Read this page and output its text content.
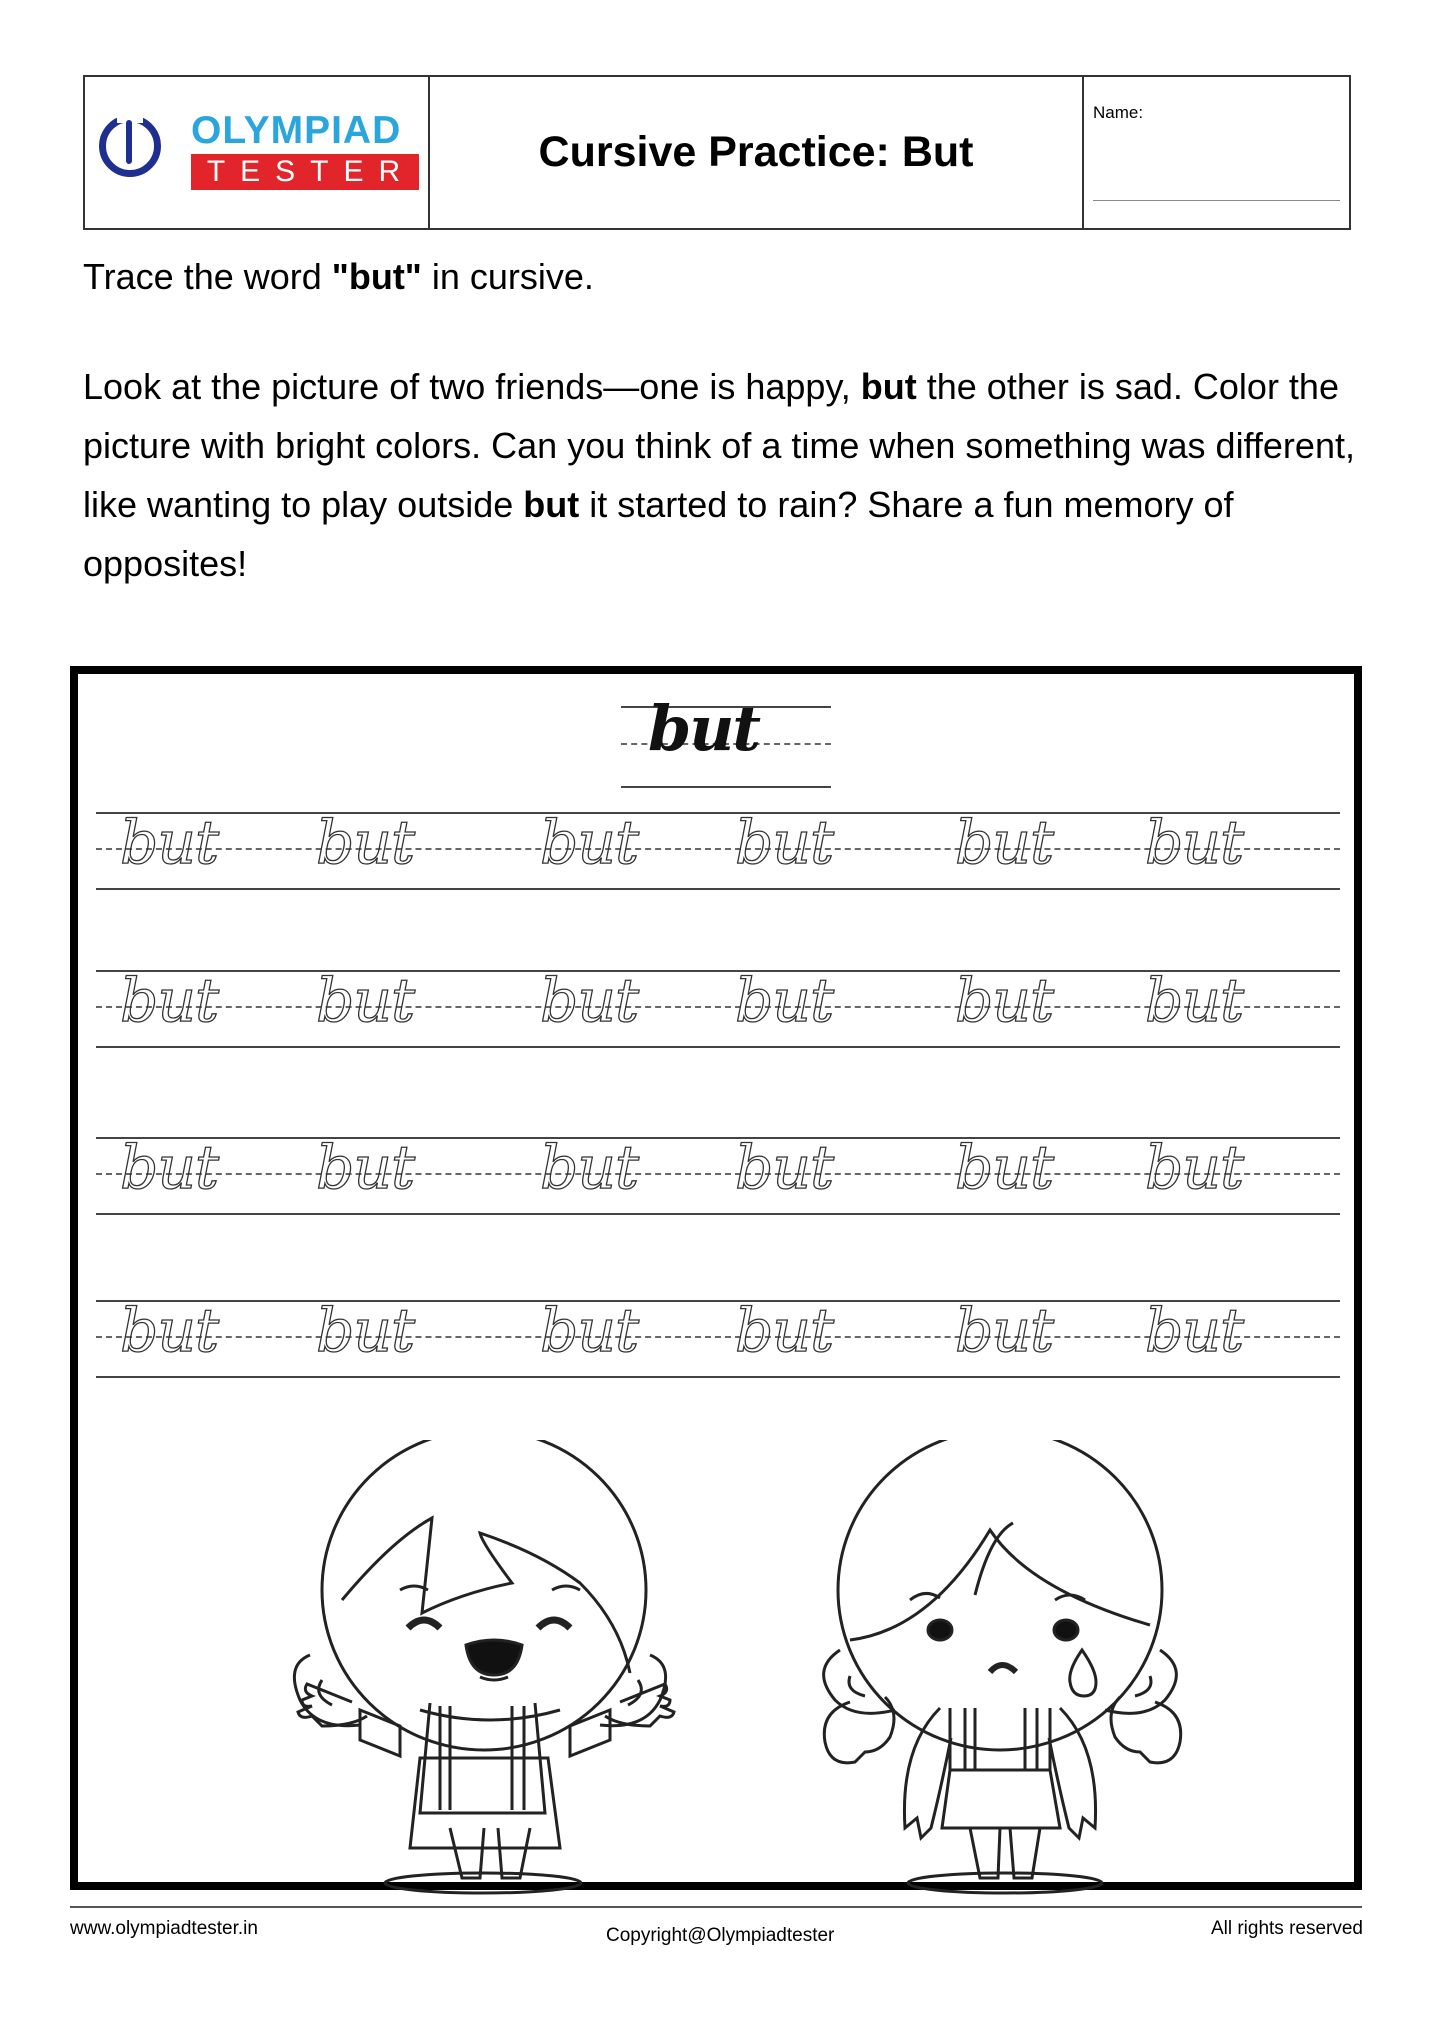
OLYMPIAD
TESTER	Cursive Practice: But
Name:
Trace the word "but" in cursive.
Look at the picture of two friends—one is happy, but the other is sad. Color the picture with bright colors. Can you think of a time when something was different, like wanting to play outside but it started to rain? Share a fun memory of opposites!
but
but but but but but but
but but but but but but
but but but but but but
but but but but but but
www.olympiadtester.in	Copyright@Olympiadtester	All rights reserved
